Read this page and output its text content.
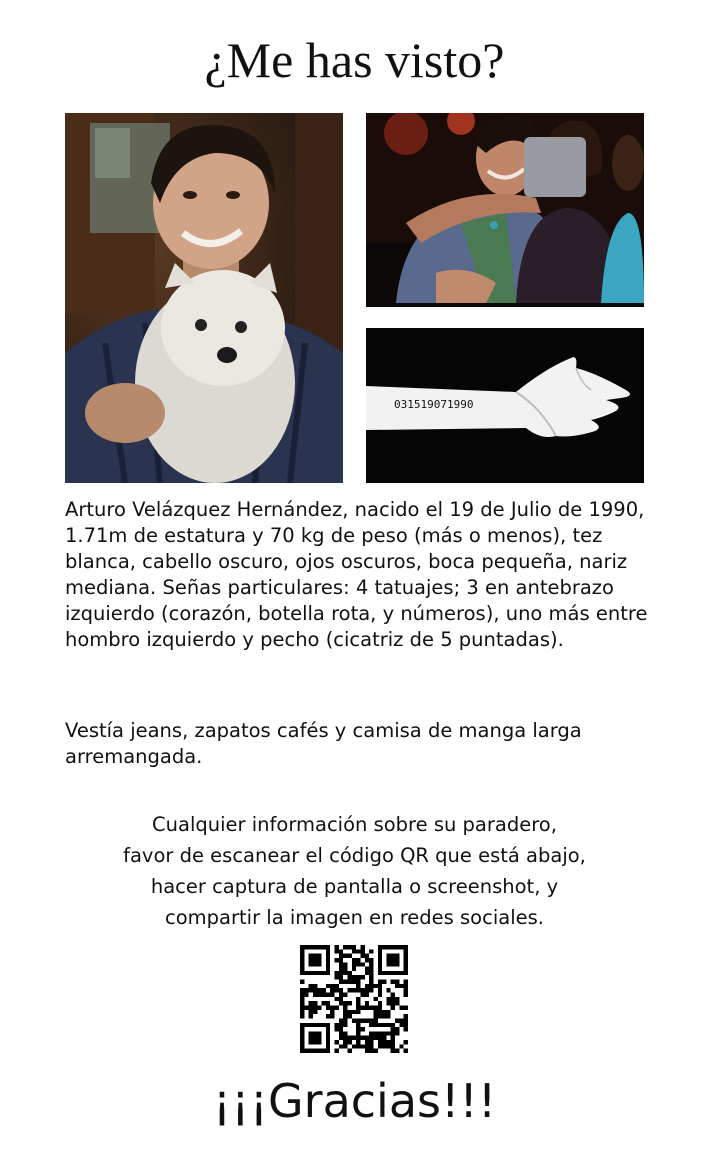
¿Me has visto?
031519071990

Arturo Velázquez Hernández, nacido el 19 de Julio de 1990, 1.71m de estatura y 70 kg de peso (más o menos), tez blanca, cabello oscuro, ojos oscuros, boca pequeña, nariz mediana. Señas particulares: 4 tatuajes; 3 en antebrazo izquierdo (corazón, botella rota, y números), uno más entre hombro izquierdo y pecho (cicatriz de 5 puntadas).

Vestía jeans, zapatos cafés y camisa de manga larga arremangada.

Cualquier información sobre su paradero,
favor de escanear el código QR que está abajo,
hacer captura de pantalla o screenshot, y
compartir la imagen en redes sociales.
¡¡¡Gracias!!!
